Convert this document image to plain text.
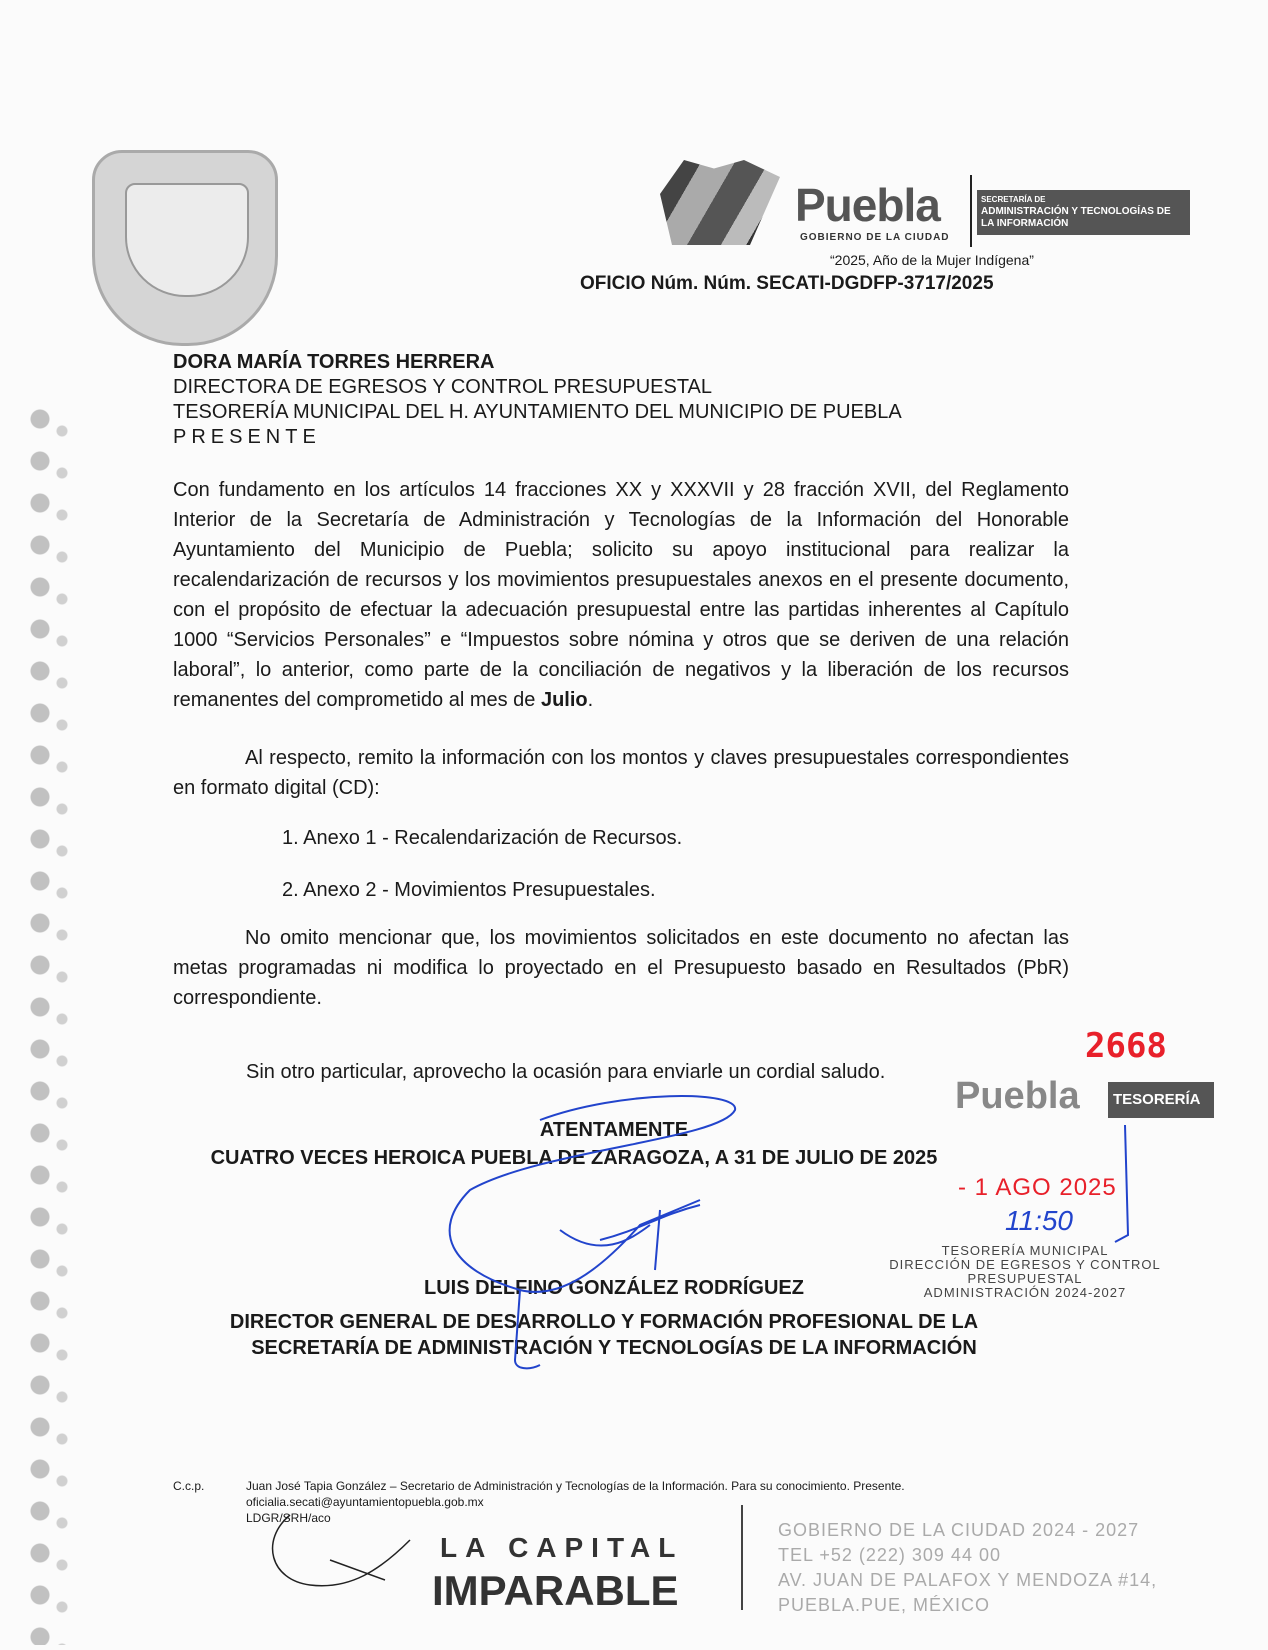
Puebla
GOBIERNO DE LA CIUDAD
SECRETARÍA DE
ADMINISTRACIÓN Y TECNOLOGÍAS DE LA INFORMACIÓN
“2025, Año de la Mujer Indígena”
OFICIO Núm. Núm. SECATI-DGDFP-3717/2025
DORA MARÍA TORRES HERRERA
DIRECTORA DE EGRESOS Y CONTROL PRESUPUESTAL
TESORERÍA MUNICIPAL DEL H. AYUNTAMIENTO DEL MUNICIPIO DE PUEBLA
PRESENTE
Con fundamento en los artículos 14 fracciones XX y XXXVII y 28 fracción XVII, del Reglamento Interior de la Secretaría de Administración y Tecnologías de la Información del Honorable Ayuntamiento del Municipio de Puebla; solicito su apoyo institucional para realizar la recalendarización de recursos y los movimientos presupuestales anexos en el presente documento, con el propósito de efectuar la adecuación presupuestal entre las partidas inherentes al Capítulo 1000 “Servicios Personales” e “Impuestos sobre nómina y otros que se deriven de una relación laboral”, lo anterior, como parte de la conciliación de negativos y la liberación de los recursos remanentes del comprometido al mes de Julio.
Al respecto, remito la información con los montos y claves presupuestales correspondientes en formato digital (CD):
1. Anexo 1 - Recalendarización de Recursos.
2. Anexo 2 - Movimientos Presupuestales.
No omito mencionar que, los movimientos solicitados en este documento no afectan las metas programadas ni modifica lo proyectado en el Presupuesto basado en Resultados (PbR) correspondiente.
Sin otro particular, aprovecho la ocasión para enviarle un cordial saludo.
2668
Puebla	TESORERÍA
ATENTAMENTE
CUATRO VECES HEROICA PUEBLA DE ZARAGOZA, A 31 DE JULIO DE 2025
- 1 AGO 2025
11:50
TESORERÍA MUNICIPAL
DIRECCIÓN DE EGRESOS Y CONTROL
PRESUPUESTAL
ADMINISTRACIÓN 2024-2027
LUIS DELFINO GONZÁLEZ RODRÍGUEZ
DIRECTOR GENERAL DE DESARROLLO Y FORMACIÓN PROFESIONAL DE LA
SECRETARÍA DE ADMINISTRACIÓN Y TECNOLOGÍAS DE LA INFORMACIÓN
C.c.p.	Juan José Tapia González – Secretario de Administración y Tecnologías de la Información. Para su conocimiento. Presente.
oficialia.secati@ayuntamientopuebla.gob.mx
LDGR/SRH/aco
LA CAPITAL
IMPARABLE
GOBIERNO DE LA CIUDAD 2024 - 2027
TEL +52 (222) 309 44 00
AV. JUAN DE PALAFOX Y MENDOZA #14,
PUEBLA.PUE, MÉXICO
